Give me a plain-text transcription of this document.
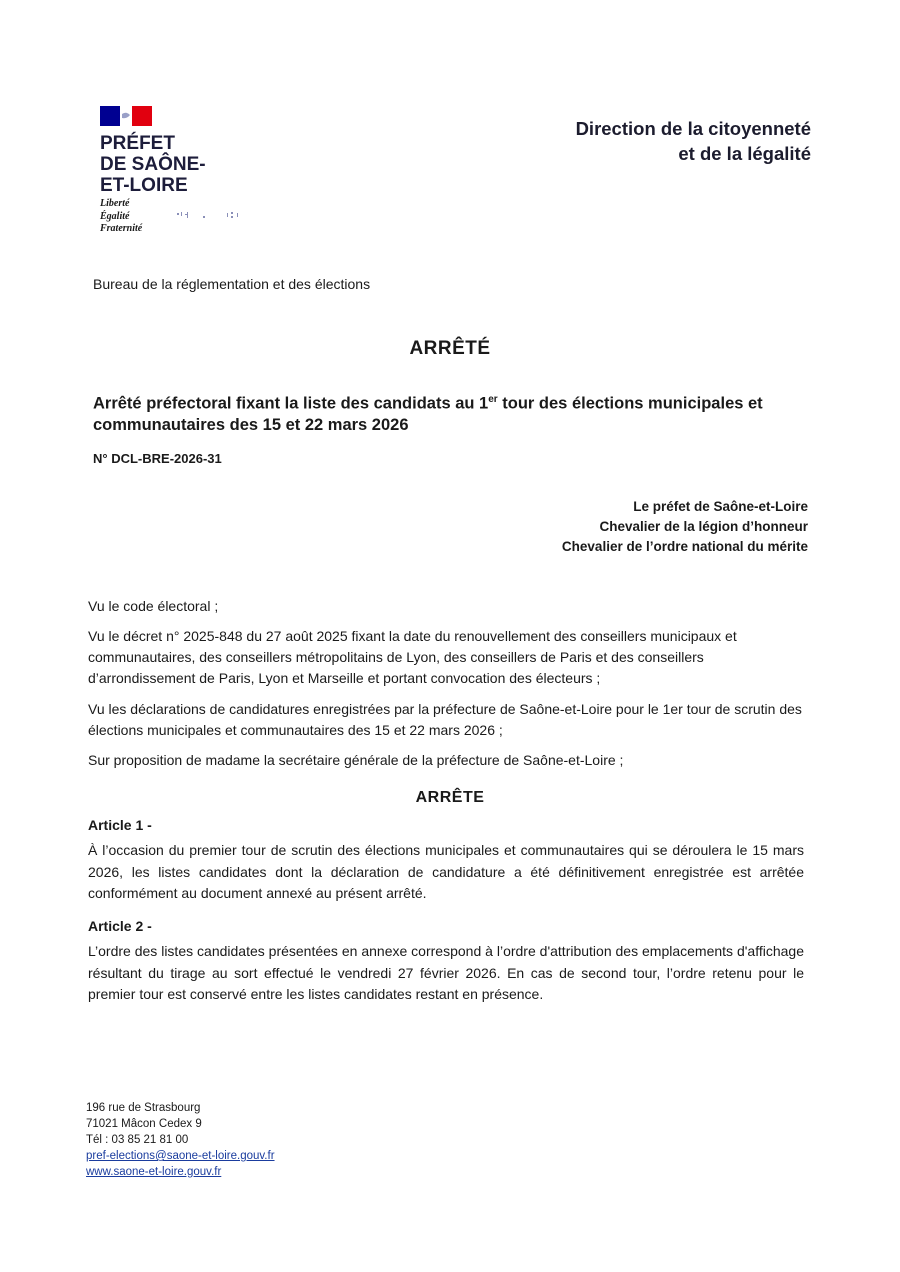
PRÉFET
DE SAÔNE-
ET-LOIRE
Liberté
Égalité
Fraternité
Direction de la citoyenneté
et de la légalité
Bureau de la réglementation et des élections
ARRÊTÉ
Arrêté préfectoral fixant la liste des candidats au 1er tour des élections municipales et communautaires des 15 et 22 mars 2026
N° DCL-BRE-2026-31
Le préfet de Saône-et-Loire
Chevalier de la légion d’honneur
Chevalier de l’ordre national du mérite
Vu le code électoral ;
Vu le décret n° 2025-848 du 27 août 2025 fixant la date du renouvellement des conseillers municipaux et communautaires, des conseillers métropolitains de Lyon, des conseillers de Paris et des conseillers d’arrondissement de Paris, Lyon et Marseille et portant convocation des électeurs ;
Vu les déclarations de candidatures enregistrées par la préfecture de Saône-et-Loire pour le 1er tour de scrutin des élections municipales et communautaires des 15 et 22 mars 2026 ;
Sur proposition de madame la secrétaire générale de la préfecture de Saône-et-Loire ;
ARRÊTE
Article 1 -
À l’occasion du premier tour de scrutin des élections municipales et communautaires qui se déroulera le 15 mars 2026, les listes candidates dont la déclaration de candidature a été définitivement enregistrée est arrêtée conformément au document annexé au présent arrêté.
Article 2 -
L’ordre des listes candidates présentées en annexe correspond à l’ordre d'attribution des emplacements d'affichage résultant du tirage au sort effectué le vendredi 27 février 2026. En cas de second tour, l’ordre retenu pour le premier tour est conservé entre les listes candidates restant en présence.
196 rue de Strasbourg
71021 Mâcon Cedex 9
Tél : 03 85 21 81 00
pref-elections@saone-et-loire.gouv.fr
www.saone-et-loire.gouv.fr
